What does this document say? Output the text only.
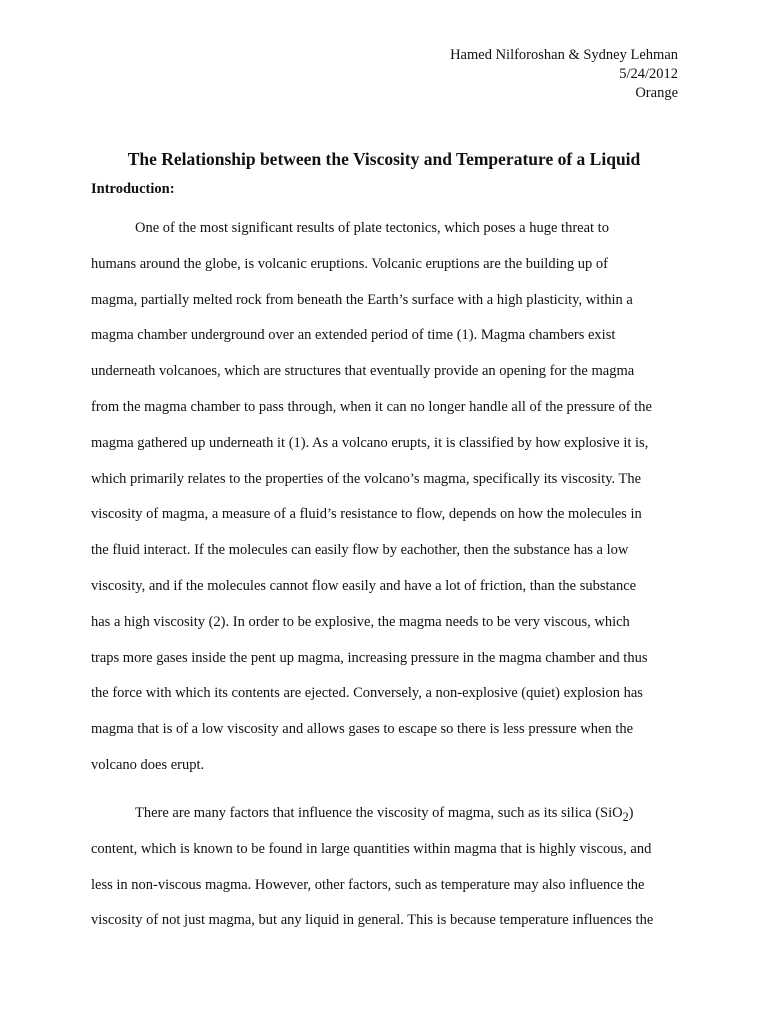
Hamed Nilforoshan & Sydney Lehman
5/24/2012
Orange
The Relationship between the Viscosity and Temperature of a Liquid
Introduction:
One of the most significant results of plate tectonics, which poses a huge threat to
humans around the globe, is volcanic eruptions. Volcanic eruptions are the building up of
magma, partially melted rock from beneath the Earth’s surface with a high plasticity, within a
magma chamber underground over an extended period of time (1). Magma chambers exist
underneath volcanoes, which are structures that eventually provide an opening for the magma
from the magma chamber to pass through, when it can no longer handle all of the pressure of the
magma gathered up underneath it (1). As a volcano erupts, it is classified by how explosive it is,
which primarily relates to the properties of the volcano’s magma, specifically its viscosity. The
viscosity of magma, a measure of a fluid’s resistance to flow, depends on how the molecules in
the fluid interact. If the molecules can easily flow by eachother, then the substance has a low
viscosity, and if the molecules cannot flow easily and have a lot of friction, than the substance
has a high viscosity (2). In order to be explosive, the magma needs to be very viscous, which
traps more gases inside the pent up magma, increasing pressure in the magma chamber and thus
the force with which its contents are ejected. Conversely, a non-explosive (quiet) explosion has
magma that is of a low viscosity and allows gases to escape so there is less pressure when the
volcano does erupt.
There are many factors that influence the viscosity of magma, such as its silica (SiO$_2$)
content, which is known to be found in large quantities within magma that is highly viscous, and
less in non-viscous magma. However, other factors, such as temperature may also influence the
viscosity of not just magma, but any liquid in general. This is because temperature influences the
